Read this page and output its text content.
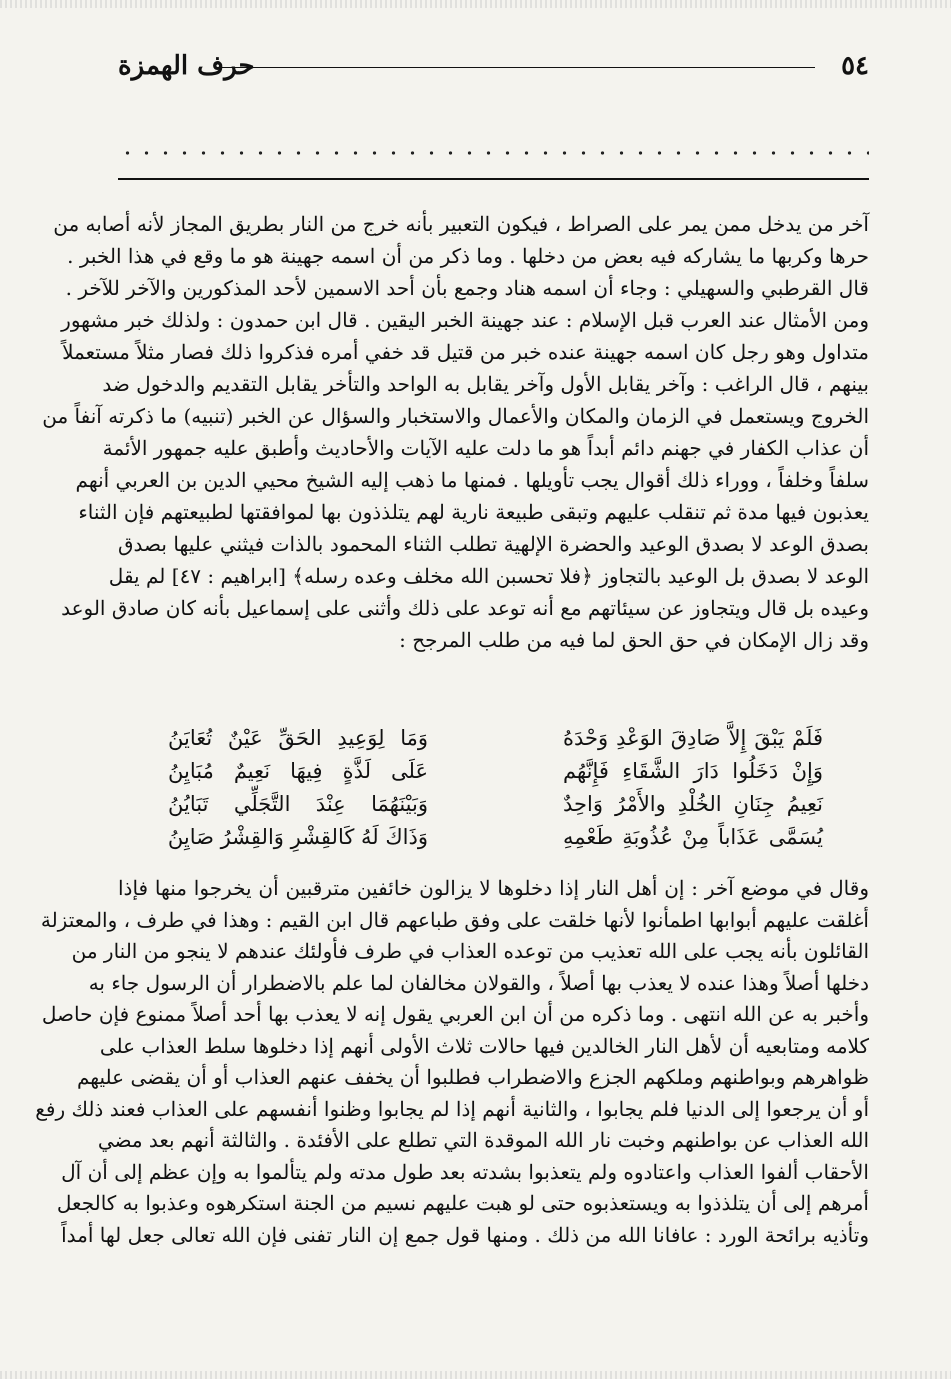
٥٤
حرف الهمزة
آخر من يدخل ممن يمر على الصراط ، فيكون التعبير بأنه خرج من النار بطريق المجاز لأنه أصابه من
حرها وكربها ما يشاركه فيه بعض من دخلها . وما ذكر من أن اسمه جهينة هو ما وقع في هذا الخبر .
قال القرطبي والسهيلي : وجاء أن اسمه هناد وجمع بأن أحد الاسمين لأحد المذكورين والآخر للآخر .
ومن الأمثال عند العرب قبل الإسلام : عند جهينة الخبر اليقين . قال ابن حمدون : ولذلك خبر مشهور
متداول وهو رجل كان اسمه جهينة عنده خبر من قتيل قد خفي أمره فذكروا ذلك فصار مثلاً مستعملاً
بينهم ، قال الراغب : وآخر يقابل الأول وآخر يقابل به الواحد والتأخر يقابل التقديم والدخول ضد
الخروج ويستعمل في الزمان والمكان والأعمال والاستخبار والسؤال عن الخبر (تنبيه) ما ذكرته آنفاً من
أن عذاب الكفار في جهنم دائم أبداً هو ما دلت عليه الآيات والأحاديث وأطبق عليه جمهور الأئمة
سلفاً وخلفاً ، ووراء ذلك أقوال يجب تأويلها . فمنها ما ذهب إليه الشيخ محيي الدين بن العربي أنهم
يعذبون فيها مدة ثم تنقلب عليهم وتبقى طبيعة نارية لهم يتلذذون بها لموافقتها لطبيعتهم فإن الثناء
بصدق الوعد لا بصدق الوعيد والحضرة الإلهية تطلب الثناء المحمود بالذات فيثني عليها بصدق
الوعد لا بصدق بل الوعيد بالتجاوز ﴿فلا تحسبن الله مخلف وعده رسله﴾ [ابراهيم : ٤٧] لم يقل
وعيده بل قال ويتجاوز عن سيئاتهم مع أنه توعد على ذلك وأثنى على إسماعيل بأنه كان صادق الوعد
وقد زال الإمكان في حق الحق لما فيه من طلب المرجح :
فَلَمْ يَبْقَ إِلاَّ صَادِقَ الوَعْدِ وَحْدَهُ
وَمَا لِوَعِيدِ الحَقِّ عَيْنٌ تُعَايَنُ
وَإِنْ دَخَلُوا دَارَ الشَّقَاءِ فَإِنَّهُم
عَلَى لَذَّةٍ فِيهَا نَعِيمٌ مُبَايِنُ
نَعِيمُ جِنَانِ الخُلْدِ والأَمْرُ وَاحِدٌ
وَبَيْنَهُمَا عِنْدَ التَّجَلِّي تَبَايُنُ
يُسَمَّى عَذَاباً مِنْ عُذُوبَةِ طَعْمِهِ
وَذَاكَ لَهُ كَالقِشْرِ وَالقِشْرُ صَايِنُ
وقال في موضع آخر : إن أهل النار إذا دخلوها لا يزالون خائفين مترقبين أن يخرجوا منها فإذا
أغلقت عليهم أبوابها اطمأنوا لأنها خلقت على وفق طباعهم قال ابن القيم : وهذا في طرف ، والمعتزلة
القائلون بأنه يجب على الله تعذيب من توعده العذاب في طرف فأولئك عندهم لا ينجو من النار من
دخلها أصلاً وهذا عنده لا يعذب بها أصلاً ، والقولان مخالفان لما علم بالاضطرار أن الرسول جاء به
وأخبر به عن الله انتهى . وما ذكره من أن ابن العربي يقول إنه لا يعذب بها أحد أصلاً ممنوع فإن حاصل
كلامه ومتابعيه أن لأهل النار الخالدين فيها حالات ثلاث الأولى أنهم إذا دخلوها سلط العذاب على
ظواهرهم وبواطنهم وملكهم الجزع والاضطراب فطلبوا أن يخفف عنهم العذاب أو أن يقضى عليهم
أو أن يرجعوا إلى الدنيا فلم يجابوا ، والثانية أنهم إذا لم يجابوا وظنوا أنفسهم على العذاب فعند ذلك رفع
الله العذاب عن بواطنهم وخبت نار الله الموقدة التي تطلع على الأفئدة . والثالثة أنهم بعد مضي
الأحقاب ألفوا العذاب واعتادوه ولم يتعذبوا بشدته بعد طول مدته ولم يتألموا به وإن عظم إلى أن آل
أمرهم إلى أن يتلذذوا به ويستعذبوه حتى لو هبت عليهم نسيم من الجنة استكرهوه وعذبوا به كالجعل
وتأذيه برائحة الورد : عافانا الله من ذلك . ومنها قول جمع إن النار تفنى فإن الله تعالى جعل لها أمداً
